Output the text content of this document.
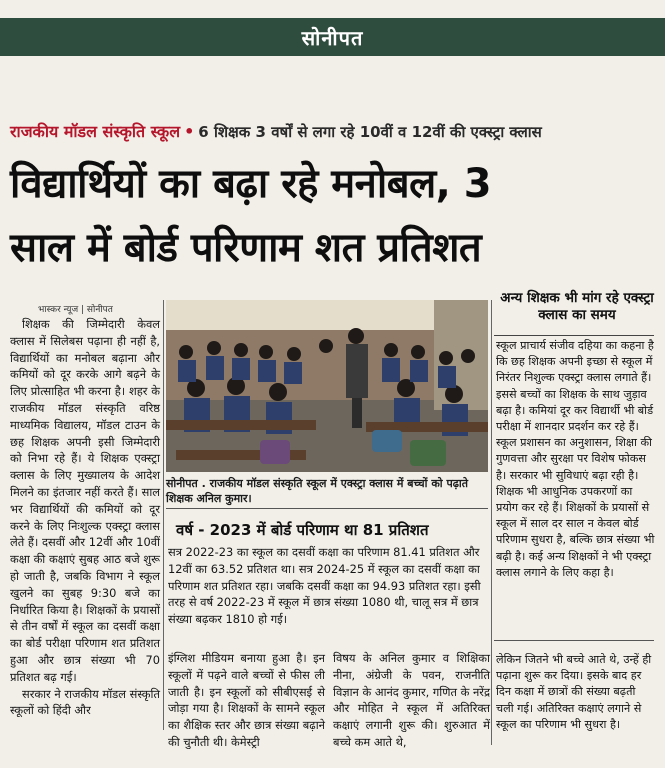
सोनीपत
राजकीय मॉडल संस्कृति स्कूल • 6 शिक्षक 3 वर्षों से लगा रहे 10वीं व 12वीं की एक्स्ट्रा क्लास
विद्यार्थियों का बढ़ा रहे मनोबल, 3
साल में बोर्ड परिणाम शत प्रतिशत
भास्कर न्यूज | सोनीपत

शिक्षक की जिम्मेदारी केवल क्लास में सिलेबस पढ़ाना ही नहीं है, विद्यार्थियों का मनोबल बढ़ाना और कमियों को दूर करके आगे बढ़ने के लिए प्रोत्साहित भी करना है। शहर के राजकीय मॉडल संस्कृति वरिष्ठ माध्यमिक विद्यालय, मॉडल टाउन के छह शिक्षक अपनी इसी जिम्मेदारी को निभा रहे हैं। ये शिक्षक एक्स्ट्रा क्लास के लिए मुख्यालय के आदेश मिलने का इंतजार नहीं करते हैं। साल भर विद्यार्थियों की कमियों को दूर करने के लिए निःशुल्क एक्स्ट्रा क्लास लेते हैं। दसवीं और 12वीं और 10वीं कक्षा की कक्षाएं सुबह आठ बजे शुरू हो जाती है, जबकि विभाग ने स्कूल खुलने का सुबह 9:30 बजे का निर्धारित किया है। शिक्षकों के प्रयासों से तीन वर्षों में स्कूल का दसवीं कक्षा का बोर्ड परीक्षा परिणाम शत प्रतिशत हुआ और छात्र संख्या भी 70 प्रतिशत बढ़ गई।

सरकार ने राजकीय मॉडल संस्कृति स्कूलों को हिंदी और

सोनीपत . राजकीय मॉडल संस्कृति स्कूल में एक्स्ट्रा क्लास में बच्चों को पढ़ाते शिक्षक अनिल कुमार।
वर्ष - 2023 में बोर्ड परिणाम था 81 प्रतिशत

सत्र 2022-23 का स्कूल का दसवीं कक्षा का परिणाम 81.41 प्रतिशत और 12वीं का 63.52 प्रतिशत था। सत्र 2024-25 में स्कूल का दसवीं कक्षा का परिणाम शत प्रतिशत रहा। जबकि दसवीं कक्षा का 94.93 प्रतिशत रहा। इसी तरह से वर्ष 2022-23 में स्कूल में छात्र संख्या 1080 थी, चालू सत्र में छात्र संख्या बढ़कर 1810 हो गई।

इंग्लिश मीडियम बनाया हुआ है। इन स्कूलों में पढ़ने वाले बच्चों से फीस ली जाती है। इन स्कूलों को सीबीएसई से जोड़ा गया है। शिक्षकों के सामने स्कूल का शैक्षिक स्तर और छात्र संख्या बढ़ाने की चुनौती थी। केमेस्ट्री

विषय के अनिल कुमार व शिक्षिका नीना, अंग्रेजी के पवन, राजनीति विज्ञान के आनंद कुमार, गणित के नरेंद्र और मोहित ने स्कूल में अतिरिक्त कक्षाएं लगानी शुरू की। शुरुआत में बच्चे कम आते थे,

अन्य शिक्षक भी मांग रहे एक्स्ट्रा क्लास का समय

स्कूल प्राचार्य संजीव दहिया का कहना है कि छह शिक्षक अपनी इच्छा से स्कूल में निरंतर निशुल्क एक्स्ट्रा क्लास लगाते हैं। इससे बच्चों का शिक्षक के साथ जुड़ाव बढ़ा है। कमियां दूर कर विद्यार्थी भी बोर्ड परीक्षा में शानदार प्रदर्शन कर रहे हैं। स्कूल प्रशासन का अनुशासन, शिक्षा की गुणवत्ता और सुरक्षा पर विशेष फोकस है। सरकार भी सुविधाएं बढ़ा रही है। शिक्षक भी आधुनिक उपकरणों का प्रयोग कर रहे हैं। शिक्षकों के प्रयासों से स्कूल में साल दर साल न केवल बोर्ड परिणाम सुधरा है, बल्कि छात्र संख्या भी बढ़ी है। कई अन्य शिक्षकों ने भी एक्स्ट्रा क्लास लगाने के लिए कहा है।

लेकिन जितने भी बच्चे आते थे, उन्हें ही पढ़ाना शुरू कर दिया। इसके बाद हर दिन कक्षा में छात्रों की संख्या बढ़ती चली गई। अतिरिक्त कक्षाएं लगाने से स्कूल का परिणाम भी सुधरा है।
